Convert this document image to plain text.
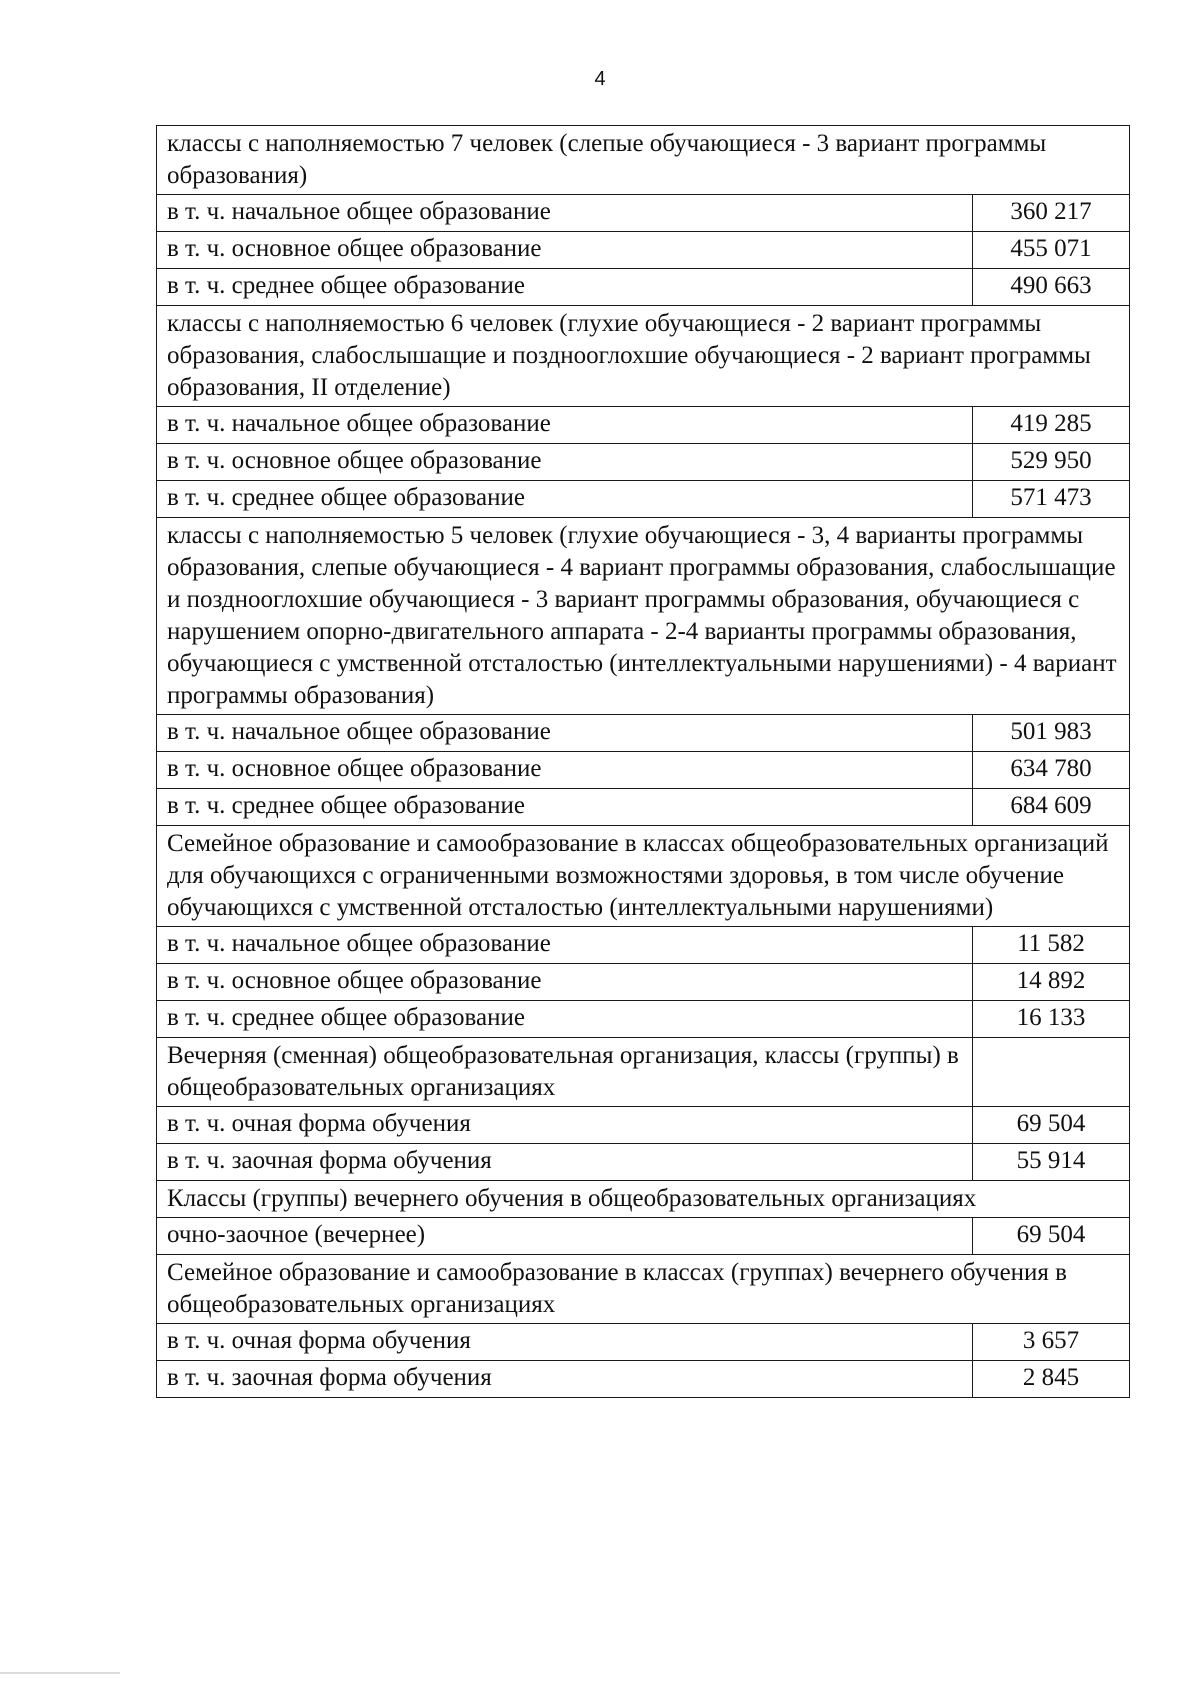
4
классы с наполняемостью 7 человек (слепые обучающиеся - 3 вариант программы образования)	
в т. ч. начальное общее образование	360 217
в т. ч. основное общее образование	455 071
в т. ч. среднее общее образование	490 663
классы с наполняемостью 6 человек (глухие обучающиеся - 2 вариант программы образования, слабослышащие и позднооглохшие обучающиеся - 2 вариант программы образования, II отделение)	
в т. ч. начальное общее образование	419 285
в т. ч. основное общее образование	529 950
в т. ч. среднее общее образование	571 473
классы с наполняемостью 5 человек (глухие обучающиеся - 3, 4 варианты программы образования, слепые обучающиеся - 4 вариант программы образования, слабослышащие и позднооглохшие обучающиеся - 3 вариант программы образования, обучающиеся с нарушением опорно-двигательного аппарата - 2-4 варианты программы образования, обучающиеся с умственной отсталостью (интеллектуальными нарушениями) - 4 вариант программы образования)	
в т. ч. начальное общее образование	501 983
в т. ч. основное общее образование	634 780
в т. ч. среднее общее образование	684 609
Семейное образование и самообразование в классах общеобразовательных организаций для обучающихся с ограниченными возможностями здоровья, в том числе обучение обучающихся с умственной отсталостью (интеллектуальными нарушениями)	
в т. ч. начальное общее образование	11 582
в т. ч. основное общее образование	14 892
в т. ч. среднее общее образование	16 133
Вечерняя (сменная) общеобразовательная организация, классы (группы) в общеобразовательных организациях	
в т. ч. очная форма обучения	69 504
в т. ч. заочная форма обучения	55 914
Классы (группы) вечернего обучения в общеобразовательных организациях	
очно-заочное (вечернее)	69 504
Семейное образование и самообразование в классах (группах) вечернего обучения в общеобразовательных организациях	
в т. ч. очная форма обучения	3 657
в т. ч. заочная форма обучения	2 845
